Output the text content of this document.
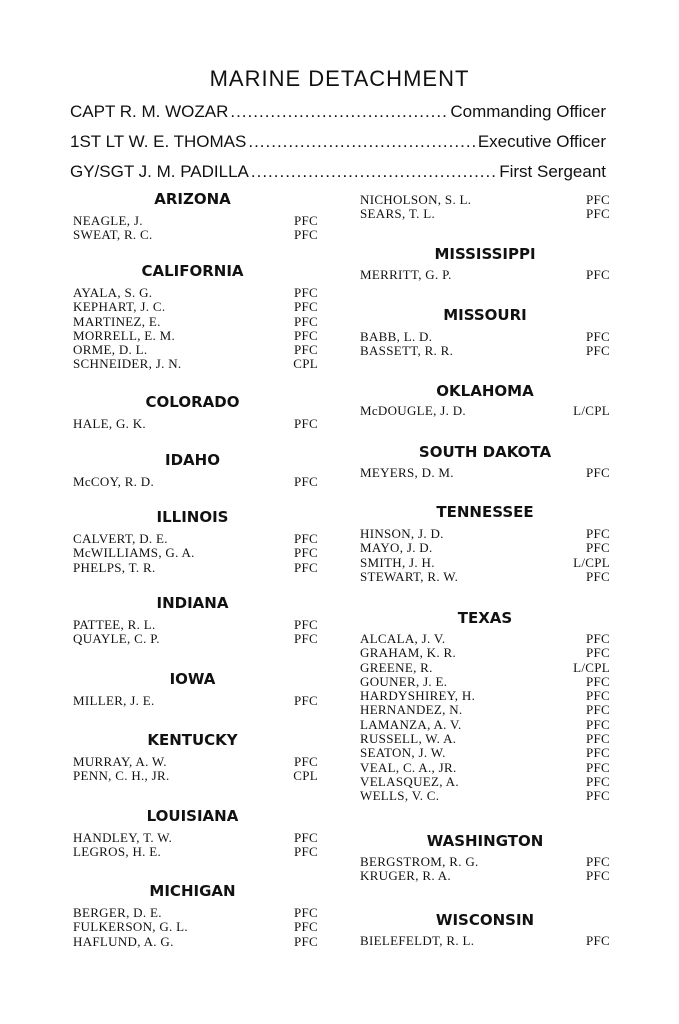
MARINE DETACHMENT
CAPT R. M. WOZAR .....	Commanding Officer
1ST LT W. E. THOMAS .....	Executive Officer
GY/SGT J. M. PADILLA .....	First Sergeant
ARIZONA
NEAGLE, J.	PFC
SWEAT, R. C.	PFC
CALIFORNIA
AYALA, S. G.	PFC
KEPHART, J. C.	PFC
MARTINEZ, E.	PFC
MORRELL, E. M.	PFC
ORME, D. L.	PFC
SCHNEIDER, J. N.	CPL
COLORADO
HALE, G. K.	PFC
IDAHO
McCOY, R. D.	PFC
ILLINOIS
CALVERT, D. E.	PFC
McWILLIAMS, G. A.	PFC
PHELPS, T. R.	PFC
INDIANA
PATTEE, R. L.	PFC
QUAYLE, C. P.	PFC
IOWA
MILLER, J. E.	PFC
KENTUCKY
MURRAY, A. W.	PFC
PENN, C. H., JR.	CPL
LOUISIANA
HANDLEY, T. W.	PFC
LEGROS, H. E.	PFC
MICHIGAN
BERGER, D. E.	PFC
FULKERSON, G. L.	PFC
HAFLUND, A. G.	PFC
NICHOLSON, S. L.	PFC
SEARS, T. L.	PFC
MISSISSIPPI
MERRITT, G. P.	PFC
MISSOURI
BABB, L. D.	PFC
BASSETT, R. R.	PFC
OKLAHOMA
McDOUGLE, J. D.	L/CPL
SOUTH DAKOTA
MEYERS, D. M.	PFC
TENNESSEE
HINSON, J. D.	PFC
MAYO, J. D.	PFC
SMITH, J. H.	L/CPL
STEWART, R. W.	PFC
TEXAS
ALCALA, J. V.	PFC
GRAHAM, K. R.	PFC
GREENE, R.	L/CPL
GOUNER, J. E.	PFC
HARDYSHIREY, H.	PFC
HERNANDEZ, N.	PFC
LAMANZA, A. V.	PFC
RUSSELL, W. A.	PFC
SEATON, J. W.	PFC
VEAL, C. A., JR.	PFC
VELASQUEZ, A.	PFC
WELLS, V. C.	PFC
WASHINGTON
BERGSTROM, R. G.	PFC
KRUGER, R. A.	PFC
WISCONSIN
BIELEFELDT, R. L.	PFC
